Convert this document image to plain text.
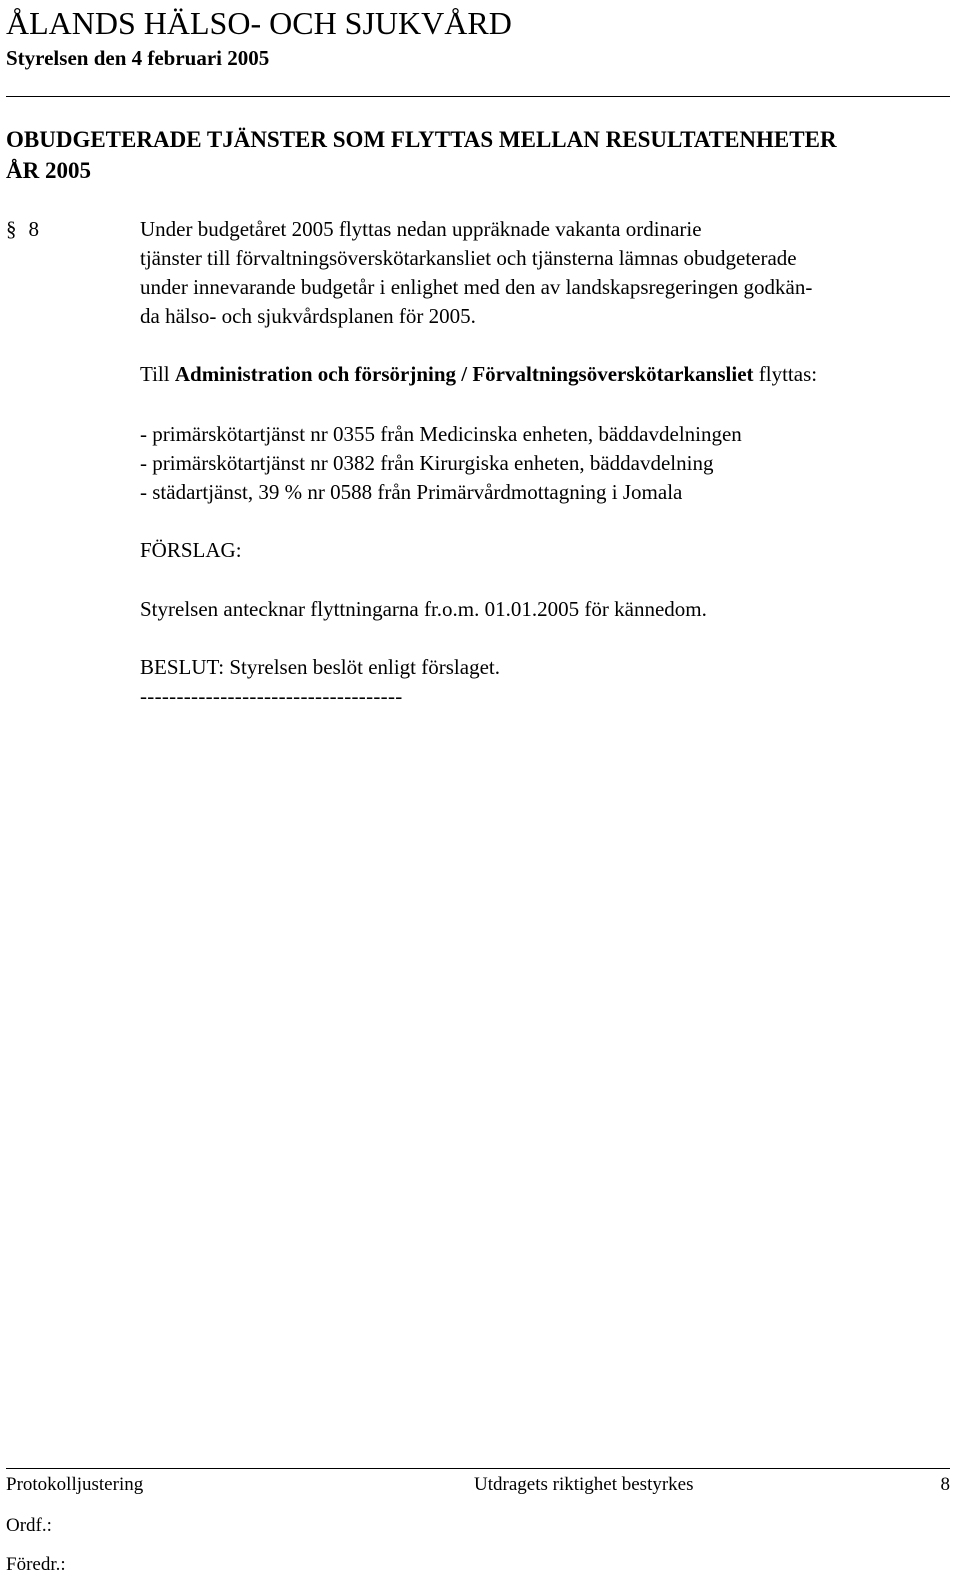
ÅLANDS HÄLSO- OCH SJUKVÅRD
Styrelsen den 4 februari 2005
OBUDGETERADE TJÄNSTER SOM FLYTTAS MELLAN RESULTATENHETER
ÅR 2005
§ 8	Under budgetåret 2005 flyttas nedan uppräknade vakanta ordinarie
tjänster till förvaltningsöverskötarkansliet och tjänsterna lämnas obudgeterade
under innevarande budgetår i enlighet med den av landskapsregeringen godkän-
da hälso- och sjukvårdsplanen för 2005.
Till Administration och försörjning / Förvaltningsöverskötarkansliet flyttas:
- primärskötartjänst nr 0355 från Medicinska enheten, bäddavdelningen
- primärskötartjänst nr 0382 från Kirurgiska enheten, bäddavdelning
- städartjänst, 39 % nr 0588 från Primärvårdmottagning i Jomala
FÖRSLAG:
Styrelsen antecknar flyttningarna fr.o.m. 01.01.2005 för kännedom.
BESLUT: Styrelsen beslöt enligt förslaget.
------------------------------------
Protokolljustering	Utdragets riktighet bestyrkes	8
Ordf.:
Föredr.:
